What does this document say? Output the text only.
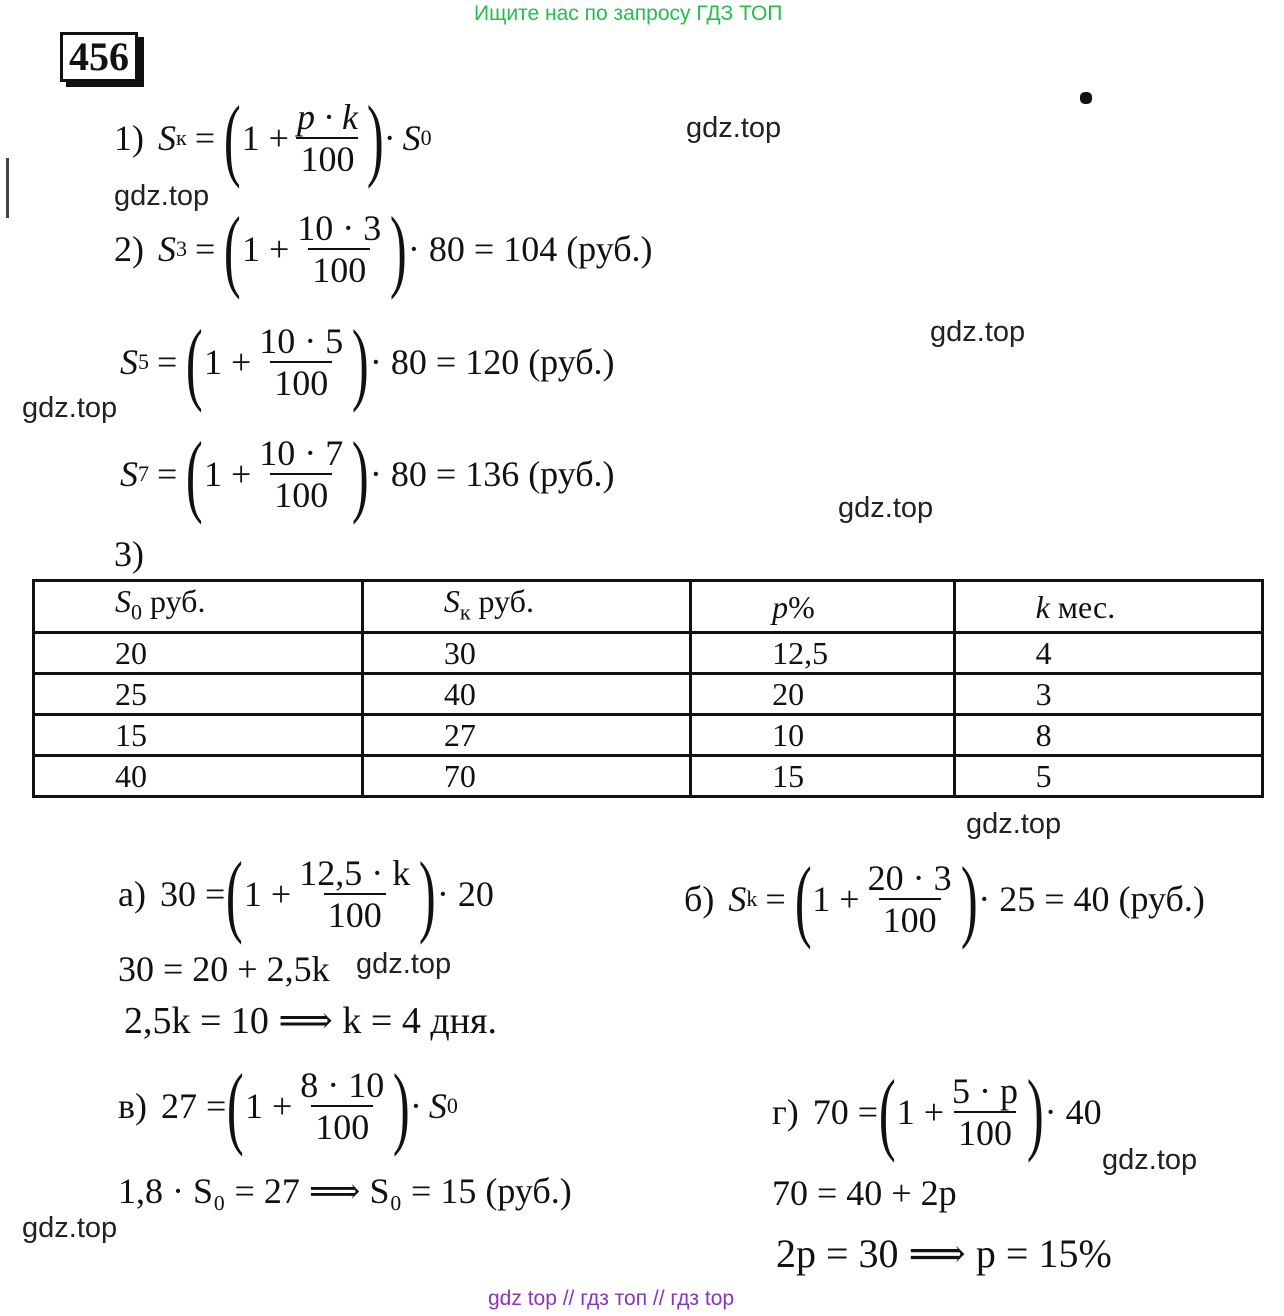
Ищите нас по запросу ГДЗ ТОП
gdz top // гдз топ // гдз top
456
gdz.top
gdz.top
gdz.top
gdz.top
gdz.top
gdz.top
gdz.top
gdz.top
gdz.top
1) S к = ( $1 + \frac{p \cdot k}{100}$ ) · S 0
2) S 3 = ( $1 + \frac{10 \cdot 3}{100}$ ) · 80 = 104 (руб.)
S 5 = ( $1 + \frac{10 \cdot 5}{100}$ ) · 80 = 120 (руб.)
S 7 = ( $1 + \frac{10 \cdot 7}{100}$ ) · 80 = 136 (руб.)
3)
$S_0$ руб.	$S_к$ руб.	p%	k мес.
20	30	12,5	4
25	40	20	3
15	27	10	8
40	70	15	5
а) 30 = ( $1 + \frac{12,5 \cdot k}{100}$ ) · 20
30 = 20 + 2,5k
2,5k = 10 ⟹ k = 4 дня.
б) S k = ( $1 + \frac{20 \cdot 3}{100}$ ) · 25 = 40 (руб.)
в) 27 = ( $1 + \frac{8 \cdot 10}{100}$ ) · S 0
1,8 · S₀ = 27 ⟹ S₀ = 15 (руб.)
г) 70 = ( $1 + \frac{5 \cdot p}{100}$ ) · 40
70 = 40 + 2p
2p = 30 ⟹ p = 15%
